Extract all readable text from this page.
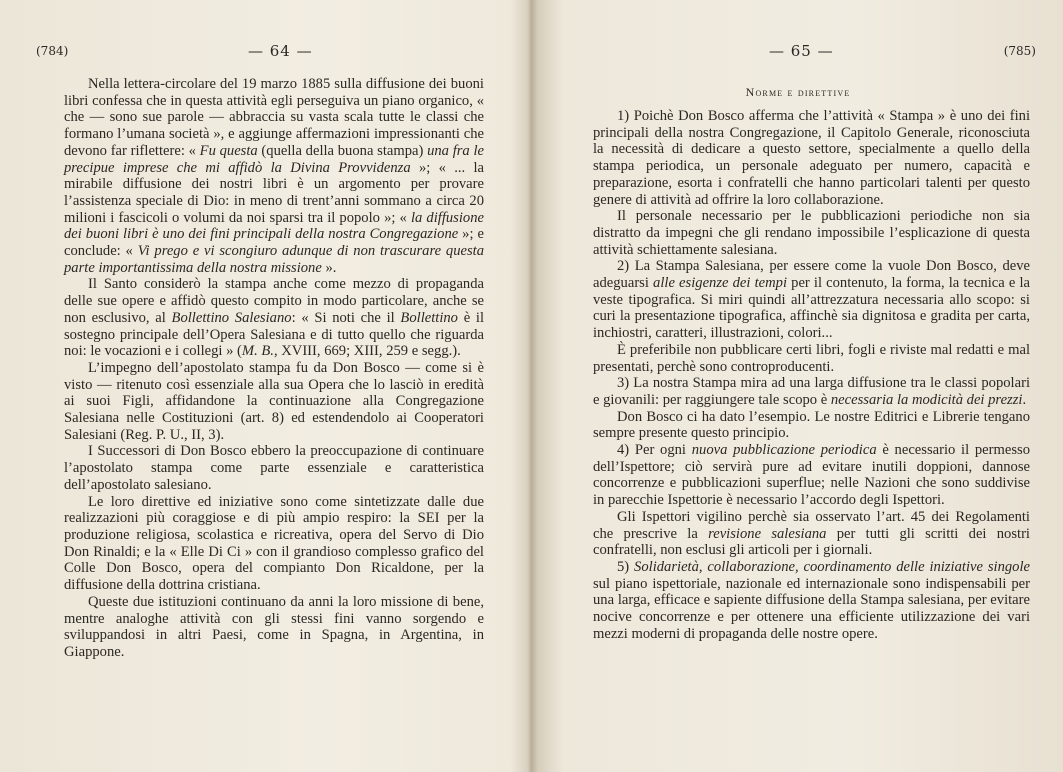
(784)	— 64 —

Nella lettera-circolare del 19 marzo 1885 sulla diffusione dei buoni libri confessa che in questa attività egli perseguiva un piano organico, « che — sono sue parole — abbraccia su vasta scala tutte le classi che formano l’umana società », e aggiunge affermazioni impressionanti che devono far riflettere: « Fu questa (quella della buona stampa) una fra le precipue imprese che mi affidò la Divina Provvidenza »; « ... la mirabile diffusione dei nostri libri è un argomento per provare l’assistenza speciale di Dio: in meno di trent’anni sommano a circa 20 milioni i fascicoli o volumi da noi sparsi tra il popolo »; « la diffusione dei buoni libri è uno dei fini principali della nostra Congregazione »; e conclude: « Vi prego e vi scongiuro adunque di non trascurare questa parte importantissima della nostra missione ».

Il Santo considerò la stampa anche come mezzo di propaganda delle sue opere e affidò questo compito in modo particolare, anche se non esclusivo, al Bollettino Salesiano: « Si noti che il Bollettino è il sostegno principale dell’Opera Salesiana e di tutto quello che riguarda noi: le vocazioni e i collegi » (M. B., XVIII, 669; XIII, 259 e segg.).

L’impegno dell’apostolato stampa fu da Don Bosco — come si è visto — ritenuto così essenziale alla sua Opera che lo lasciò in eredità ai suoi Figli, affidandone la continuazione alla Congregazione Salesiana nelle Costituzioni (art. 8) ed estendendolo ai Cooperatori Salesiani (Reg. P. U., II, 3).

I Successori di Don Bosco ebbero la preoccupazione di continuare l’apostolato stampa come parte essenziale e caratteristica dell’apostolato salesiano.

Le loro direttive ed iniziative sono come sintetizzate dalle due realizzazioni più coraggiose e di più ampio respiro: la SEI per la produzione religiosa, scolastica e ricreativa, opera del Servo di Dio Don Rinaldi; e la « Elle Di Ci » con il grandioso complesso grafico del Colle Don Bosco, opera del compianto Don Ricaldone, per la diffusione della dottrina cristiana.

Queste due istituzioni continuano da anni la loro missione di bene, mentre analoghe attività con gli stessi fini vanno sorgendo e sviluppandosi in altri Paesi, come in Spagna, in Argentina, in Giappone.

— 65 —	(785)
Norme e direttive

1) Poichè Don Bosco afferma che l’attività « Stampa » è uno dei fini principali della nostra Congregazione, il Capitolo Generale, riconosciuta la necessità di dedicare a questo settore, specialmente a quello della stampa periodica, un personale adeguato per numero, capacità e preparazione, esorta i confratelli che hanno particolari talenti per questo genere di attività ad offrire la loro collaborazione.

Il personale necessario per le pubblicazioni periodiche non sia distratto da impegni che gli rendano impossibile l’esplicazione di questa attività schiettamente salesiana.

2) La Stampa Salesiana, per essere come la vuole Don Bosco, deve adeguarsi alle esigenze dei tempi per il contenuto, la forma, la tecnica e la veste tipografica. Si miri quindi all’attrezzatura necessaria allo scopo: si curi la presentazione tipografica, affinchè sia dignitosa e gradita per carta, inchiostri, caratteri, illustrazioni, colori...

È preferibile non pubblicare certi libri, fogli e riviste mal redatti e mal presentati, perchè sono controproducenti.

3) La nostra Stampa mira ad una larga diffusione tra le classi popolari e giovanili: per raggiungere tale scopo è necessaria la modicità dei prezzi.

Don Bosco ci ha dato l’esempio. Le nostre Editrici e Librerie tengano sempre presente questo principio.

4) Per ogni nuova pubblicazione periodica è necessario il permesso dell’Ispettore; ciò servirà pure ad evitare inutili doppioni, dannose concorrenze e pubblicazioni superflue; nelle Nazioni che sono suddivise in parecchie Ispettorie è necessario l’accordo degli Ispettori.

Gli Ispettori vigilino perchè sia osservato l’art. 45 dei Regolamenti che prescrive la revisione salesiana per tutti gli scritti dei nostri confratelli, non esclusi gli articoli per i giornali.

5) Solidarietà, collaborazione, coordinamento delle iniziative singole sul piano ispettoriale, nazionale ed internazionale sono indispensabili per una larga, efficace e sapiente diffusione della Stampa salesiana, per evitare nocive concorrenze e per ottenere una efficiente utilizzazione dei vari mezzi moderni di propaganda delle nostre opere.
